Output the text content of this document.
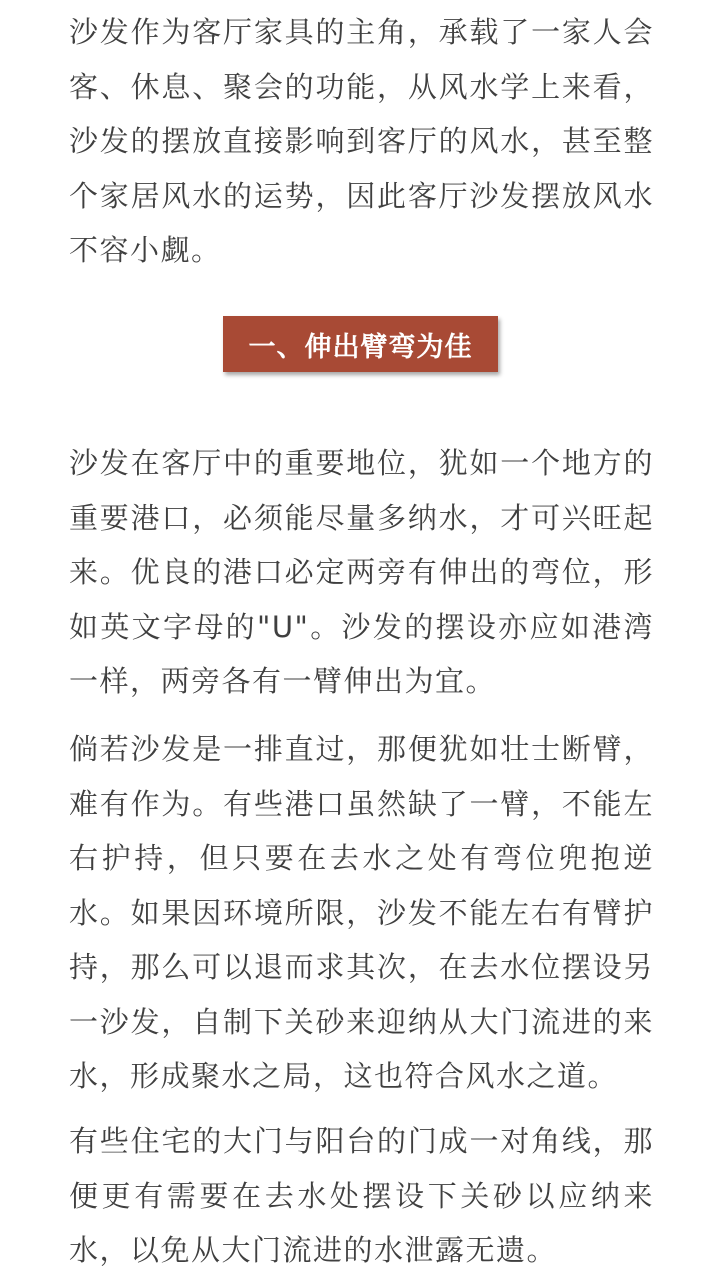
沙发作为客厅家具的主角，承载了一家人会客、休息、聚会的功能，从风水学上来看，沙发的摆放直接影响到客厅的风水，甚至整个家居风水的运势，因此客厅沙发摆放风水不容小觑。

一、伸出臂弯为佳

沙发在客厅中的重要地位，犹如一个地方的重要港口，必须能尽量多纳水，才可兴旺起来。优良的港口必定两旁有伸出的弯位，形如英文字母的"U"。沙发的摆设亦应如港湾一样，两旁各有一臂伸出为宜。

倘若沙发是一排直过，那便犹如壮士断臂，难有作为。有些港口虽然缺了一臂，不能左右护持，但只要在去水之处有弯位兜抱逆水。如果因环境所限，沙发不能左右有臂护持，那么可以退而求其次，在去水位摆设另一沙发，自制下关砂来迎纳从大门流进的来水，形成聚水之局，这也符合风水之道。

有些住宅的大门与阳台的门成一对角线，那便更有需要在去水处摆设下关砂以应纳来水，以免从大门流进的水泄露无遗。
